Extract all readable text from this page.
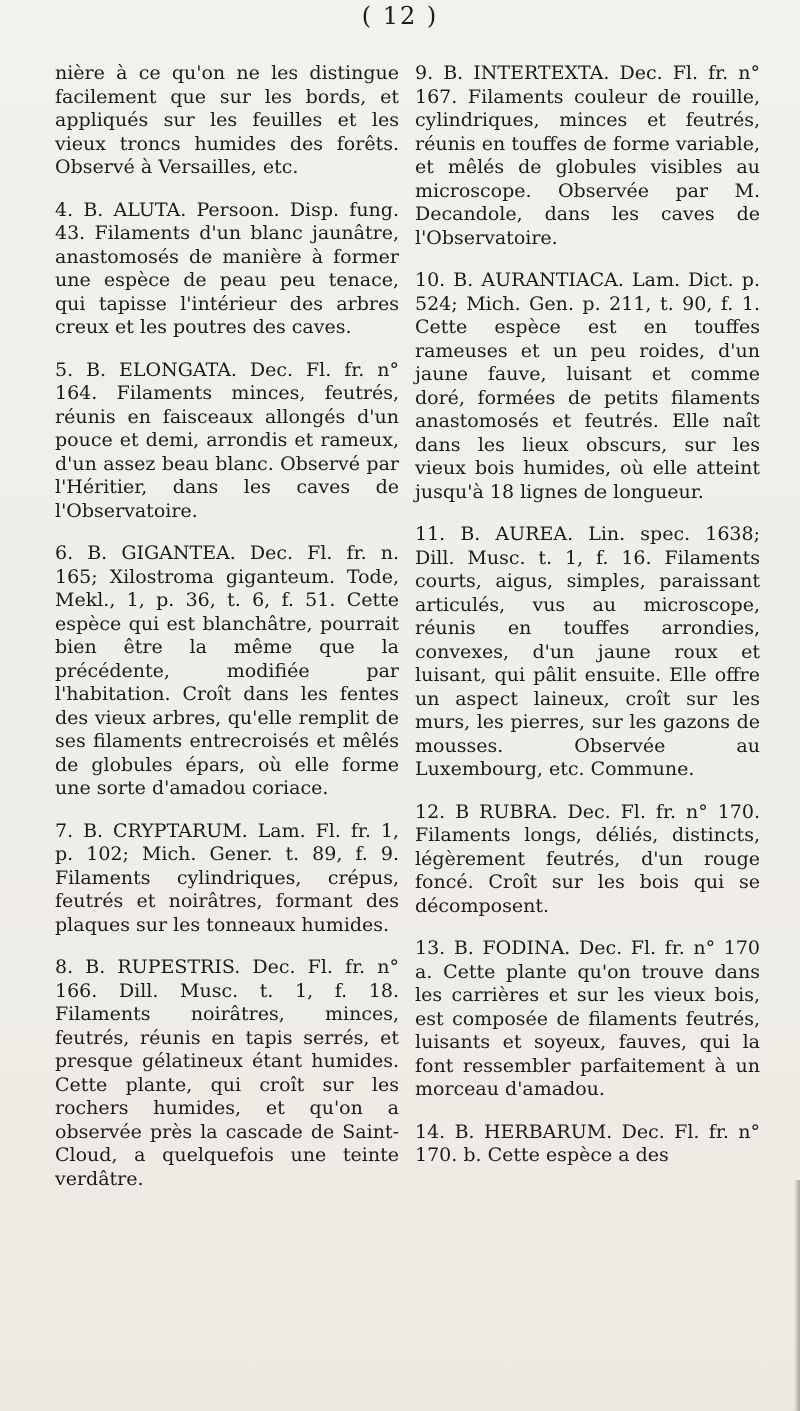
( 12 )

nière à ce qu'on ne les distingue facilement que sur les bords, et appliqués sur les feuilles et les vieux troncs humides des forêts. Observé à Versailles, etc.

4. B. ALUTA. Persoon. Disp. fung. 43. Filaments d'un blanc jaunâtre, anastomosés de manière à former une espèce de peau peu tenace, qui tapisse l'intérieur des arbres creux et les poutres des caves.

5. B. ELONGATA. Dec. Fl. fr. n° 164. Filaments minces, feutrés, réunis en faisceaux allongés d'un pouce et demi, arrondis et rameux, d'un assez beau blanc. Observé par l'Héritier, dans les caves de l'Observatoire.

6. B. GIGANTEA. Dec. Fl. fr. n. 165; Xilostroma giganteum. Tode, Mekl., 1, p. 36, t. 6, f. 51. Cette espèce qui est blanchâtre, pourrait bien être la même que la précédente, modifiée par l'habitation. Croît dans les fentes des vieux arbres, qu'elle remplit de ses filaments entrecroisés et mêlés de globules épars, où elle forme une sorte d'amadou coriace.

7. B. CRYPTARUM. Lam. Fl. fr. 1, p. 102; Mich. Gener. t. 89, f. 9. Filaments cylindriques, crépus, feutrés et noirâtres, formant des plaques sur les tonneaux humides.

8. B. RUPESTRIS. Dec. Fl. fr. n° 166. Dill. Musc. t. 1, f. 18. Filaments noirâtres, minces, feutrés, réunis en tapis serrés, et presque gélatineux étant humides. Cette plante, qui croît sur les rochers humides, et qu'on a observée près la cascade de Saint-Cloud, a quelquefois une teinte verdâtre.

9. B. INTERTEXTA. Dec. Fl. fr. n° 167. Filaments couleur de rouille, cylindriques, minces et feutrés, réunis en touffes de forme variable, et mêlés de globules visibles au microscope. Observée par M. Decandole, dans les caves de l'Observatoire.

10. B. AURANTIACA. Lam. Dict. p. 524; Mich. Gen. p. 211, t. 90, f. 1. Cette espèce est en touffes rameuses et un peu roides, d'un jaune fauve, luisant et comme doré, formées de petits filaments anastomosés et feutrés. Elle naît dans les lieux obscurs, sur les vieux bois humides, où elle atteint jusqu'à 18 lignes de longueur.

11. B. AUREA. Lin. spec. 1638; Dill. Musc. t. 1, f. 16. Filaments courts, aigus, simples, paraissant articulés, vus au microscope, réunis en touffes arrondies, convexes, d'un jaune roux et luisant, qui pâlit ensuite. Elle offre un aspect laineux, croît sur les murs, les pierres, sur les gazons de mousses. Observée au Luxembourg, etc. Commune.

12. B RUBRA. Dec. Fl. fr. n° 170. Filaments longs, déliés, distincts, légèrement feutrés, d'un rouge foncé. Croît sur les bois qui se décomposent.

13. B. FODINA. Dec. Fl. fr. n° 170 a. Cette plante qu'on trouve dans les carrières et sur les vieux bois, est composée de filaments feutrés, luisants et soyeux, fauves, qui la font ressembler parfaitement à un morceau d'amadou.

14. B. HERBARUM. Dec. Fl. fr. n° 170. b. Cette espèce a des
